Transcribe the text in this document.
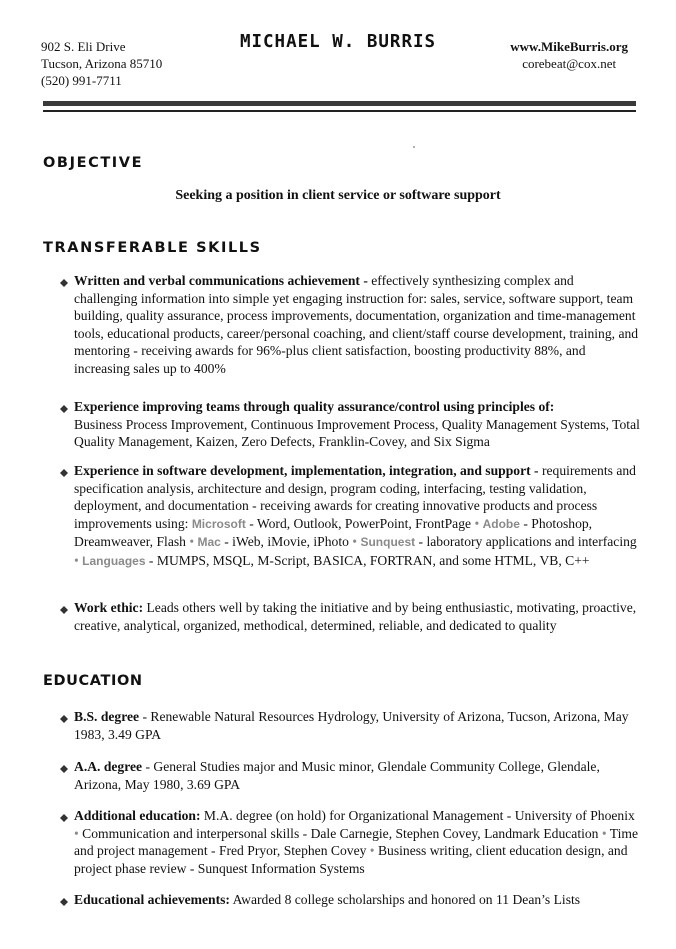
902 S. Eli Drive
Tucson, Arizona 85710
(520) 991-7711
MICHAEL W. BURRIS	www.MikeBurris.org
corebeat@cox.net
OBJECTIVE
Seeking a position in client service or software support
TRANSFERABLE SKILLS

Written and verbal communications achievement - effectively synthesizing complex and challenging information into simple yet engaging instruction for: sales, service, software support, team building, quality assurance, process improvements, documentation, organization and time-management tools, educational products, career/personal coaching, and client/staff course development, training, and mentoring - receiving awards for 96%-plus client satisfaction, boosting productivity 88%, and increasing sales up to 400%

Experience improving teams through quality assurance/control using principles of:
Business Process Improvement, Continuous Improvement Process, Quality Management Systems, Total Quality Management, Kaizen, Zero Defects, Franklin-Covey, and Six Sigma

Experience in software development, implementation, integration, and support - requirements and specification analysis, architecture and design, program coding, interfacing, testing validation, deployment, and documentation - receiving awards for creating innovative products and process improvements using: Microsoft - Word, Outlook, PowerPoint, FrontPage • Adobe - Photoshop, Dreamweaver, Flash • Mac - iWeb, iMovie, iPhoto • Sunquest - laboratory applications and interfacing • Languages - MUMPS, MSQL, M-Script, BASICA, FORTRAN, and some HTML, VB, C++

Work ethic: Leads others well by taking the initiative and by being enthusiastic, motivating, proactive, creative, analytical, organized, methodical, determined, reliable, and dedicated to quality

EDUCATION

B.S. degree - Renewable Natural Resources Hydrology, University of Arizona, Tucson, Arizona, May 1983, 3.49 GPA

A.A. degree - General Studies major and Music minor, Glendale Community College, Glendale, Arizona, May 1980, 3.69 GPA

Additional education: M.A. degree (on hold) for Organizational Management - University of Phoenix • Communication and interpersonal skills - Dale Carnegie, Stephen Covey, Landmark Education • Time and project management - Fred Pryor, Stephen Covey • Business writing, client education design, and project phase review - Sunquest Information Systems

Educational achievements: Awarded 8 college scholarships and honored on 11 Dean’s Lists
